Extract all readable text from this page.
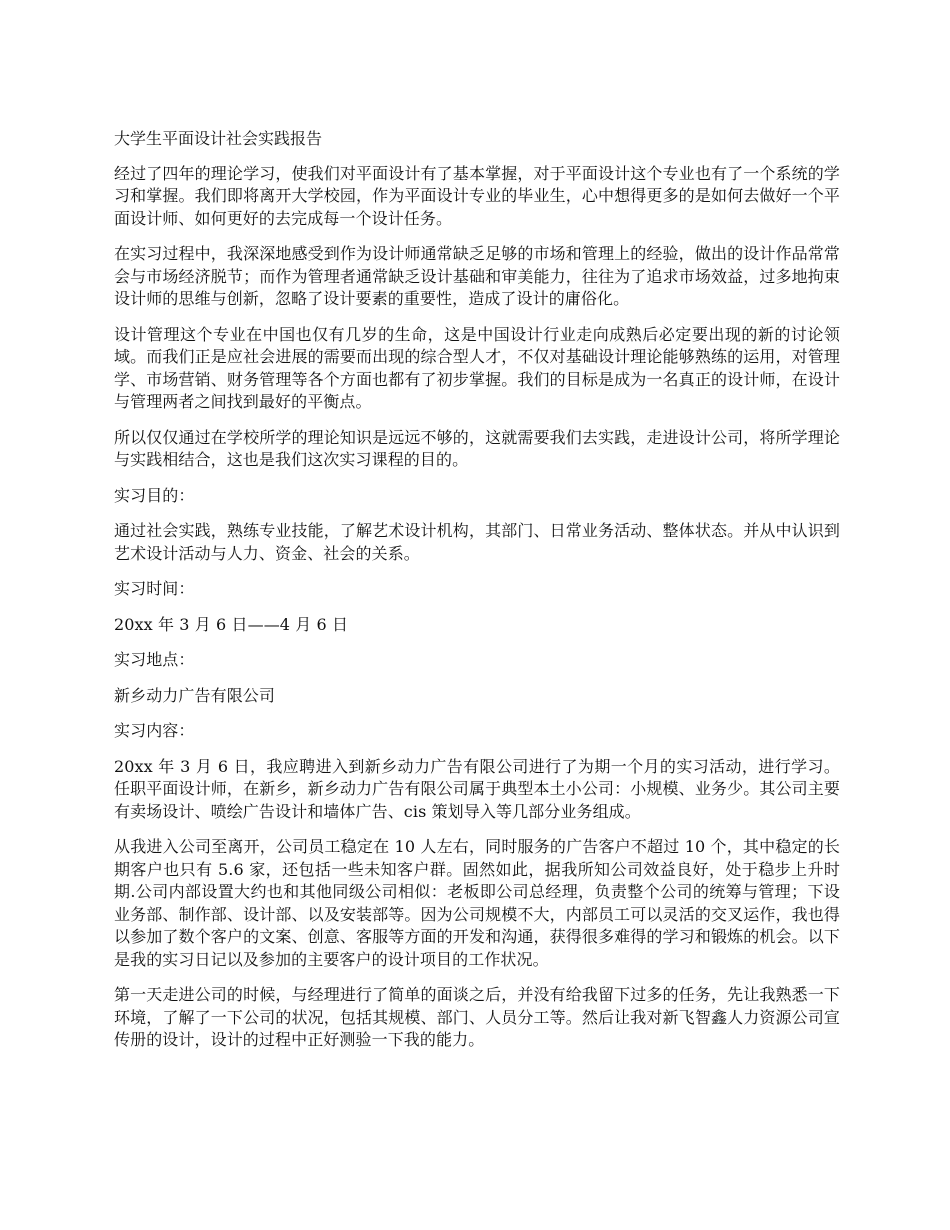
大学生平面设计社会实践报告

经过了四年的理论学习，使我们对平面设计有了基本掌握，对于平面设计这个专业也有了一个系统的学习和掌握。我们即将离开大学校园，作为平面设计专业的毕业生，心中想得更多的是如何去做好一个平面设计师、如何更好的去完成每一个设计任务。

在实习过程中，我深深地感受到作为设计师通常缺乏足够的市场和管理上的经验，做出的设计作品常常会与市场经济脱节；而作为管理者通常缺乏设计基础和审美能力，往往为了追求市场效益，过多地拘束设计师的思维与创新，忽略了设计要素的重要性，造成了设计的庸俗化。

设计管理这个专业在中国也仅有几岁的生命，这是中国设计行业走向成熟后必定要出现的新的讨论领域。而我们正是应社会进展的需要而出现的综合型人才，不仅对基础设计理论能够熟练的运用，对管理学、市场营销、财务管理等各个方面也都有了初步掌握。我们的目标是成为一名真正的设计师，在设计与管理两者之间找到最好的平衡点。

所以仅仅通过在学校所学的理论知识是远远不够的，这就需要我们去实践，走进设计公司，将所学理论与实践相结合，这也是我们这次实习课程的目的。

实习目的：

通过社会实践，熟练专业技能，了解艺术设计机构，其部门、日常业务活动、整体状态。并从中认识到艺术设计活动与人力、资金、社会的关系。

实习时间：

20xx 年 3 月 6 日——4 月 6 日

实习地点：

新乡动力广告有限公司

实习内容：

20xx 年 3 月 6 日，我应聘进入到新乡动力广告有限公司进行了为期一个月的实习活动，进行学习。任职平面设计师，在新乡，新乡动力广告有限公司属于典型本土小公司：小规模、业务少。其公司主要有卖场设计、喷绘广告设计和墙体广告、cis 策划导入等几部分业务组成。

从我进入公司至离开，公司员工稳定在 10 人左右，同时服务的广告客户不超过 10 个，其中稳定的长期客户也只有 5.6 家，还包括一些未知客户群。固然如此，据我所知公司效益良好，处于稳步上升时期.公司内部设置大约也和其他同级公司相似：老板即公司总经理，负责整个公司的统筹与管理；下设业务部、制作部、设计部、以及安装部等。因为公司规模不大，内部员工可以灵活的交叉运作，我也得以参加了数个客户的文案、创意、客服等方面的开发和沟通，获得很多难得的学习和锻炼的机会。以下是我的实习日记以及参加的主要客户的设计项目的工作状况。

第一天走进公司的时候，与经理进行了简单的面谈之后，并没有给我留下过多的任务，先让我熟悉一下环境，了解了一下公司的状况，包括其规模、部门、人员分工等。然后让我对新飞智鑫人力资源公司宣传册的设计，设计的过程中正好测验一下我的能力。
